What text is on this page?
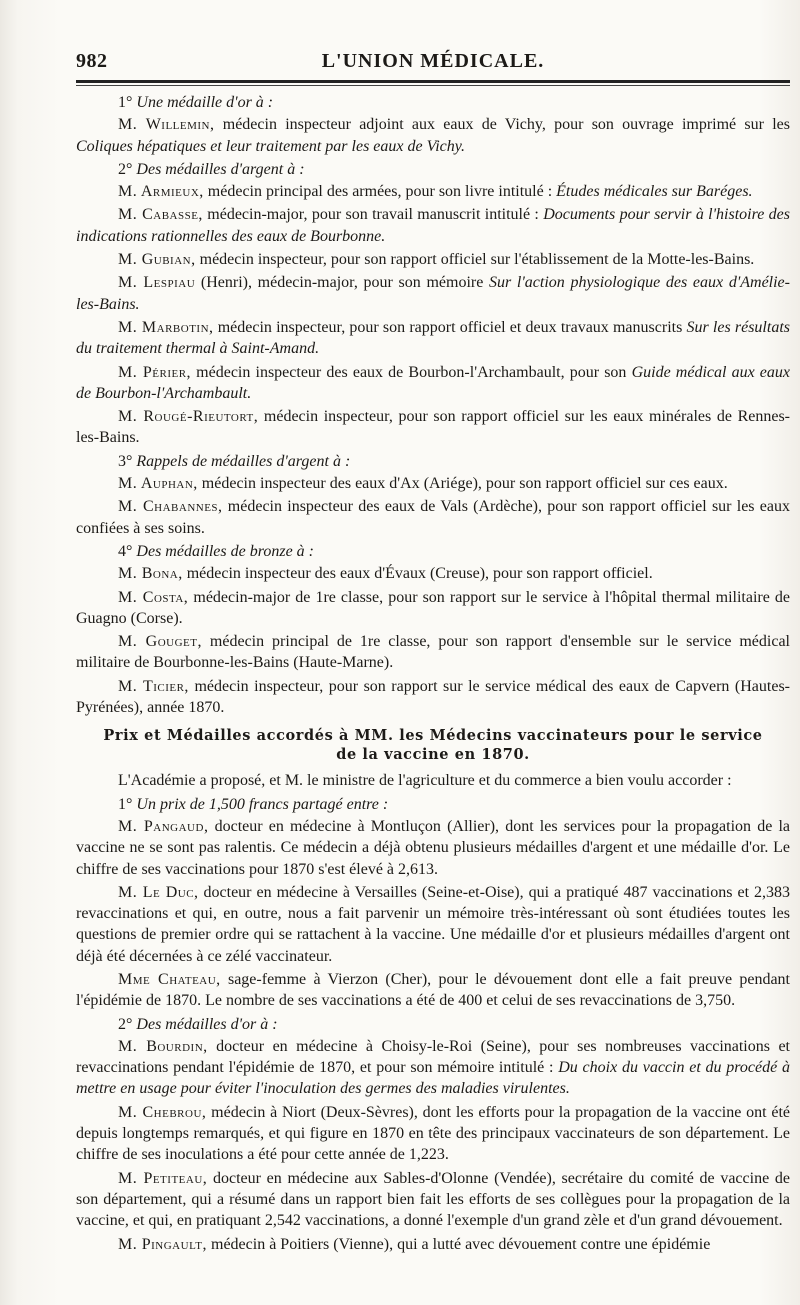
982	L'UNION MÉDICALE.

1° Une médaille d'or à :

M. Willemin, médecin inspecteur adjoint aux eaux de Vichy, pour son ouvrage imprimé sur les Coliques hépatiques et leur traitement par les eaux de Vichy.

2° Des médailles d'argent à :

M. Armieux, médecin principal des armées, pour son livre intitulé : Études médicales sur Baréges.

M. Cabasse, médecin-major, pour son travail manuscrit intitulé : Documents pour servir à l'histoire des indications rationnelles des eaux de Bourbonne.

M. Gubian, médecin inspecteur, pour son rapport officiel sur l'établissement de la Motte-les-Bains.

M. Lespiau (Henri), médecin-major, pour son mémoire Sur l'action physiologique des eaux d'Amélie-les-Bains.

M. Marbotin, médecin inspecteur, pour son rapport officiel et deux travaux manuscrits Sur les résultats du traitement thermal à Saint-Amand.

M. Périer, médecin inspecteur des eaux de Bourbon-l'Archambault, pour son Guide médical aux eaux de Bourbon-l'Archambault.

M. Rougé-Rieutort, médecin inspecteur, pour son rapport officiel sur les eaux minérales de Rennes-les-Bains.

3° Rappels de médailles d'argent à :

M. Auphan, médecin inspecteur des eaux d'Ax (Ariége), pour son rapport officiel sur ces eaux.

M. Chabannes, médecin inspecteur des eaux de Vals (Ardèche), pour son rapport officiel sur les eaux confiées à ses soins.

4° Des médailles de bronze à :

M. Bona, médecin inspecteur des eaux d'Évaux (Creuse), pour son rapport officiel.

M. Costa, médecin-major de 1re classe, pour son rapport sur le service à l'hôpital thermal militaire de Guagno (Corse).

M. Gouget, médecin principal de 1re classe, pour son rapport d'ensemble sur le service médical militaire de Bourbonne-les-Bains (Haute-Marne).

M. Ticier, médecin inspecteur, pour son rapport sur le service médical des eaux de Capvern (Hautes-Pyrénées), année 1870.

Prix et Médailles accordés à MM. les Médecins vaccinateurs pour le service
de la vaccine en 1870.

L'Académie a proposé, et M. le ministre de l'agriculture et du commerce a bien voulu accorder :

1° Un prix de 1,500 francs partagé entre :

M. Pangaud, docteur en médecine à Montluçon (Allier), dont les services pour la propagation de la vaccine ne se sont pas ralentis. Ce médecin a déjà obtenu plusieurs médailles d'argent et une médaille d'or. Le chiffre de ses vaccinations pour 1870 s'est élevé à 2,613.

M. Le Duc, docteur en médecine à Versailles (Seine-et-Oise), qui a pratiqué 487 vaccinations et 2,383 revaccinations et qui, en outre, nous a fait parvenir un mémoire très-intéressant où sont étudiées toutes les questions de premier ordre qui se rattachent à la vaccine. Une médaille d'or et plusieurs médailles d'argent ont déjà été décernées à ce zélé vaccinateur.

Mme Chateau, sage-femme à Vierzon (Cher), pour le dévouement dont elle a fait preuve pendant l'épidémie de 1870. Le nombre de ses vaccinations a été de 400 et celui de ses revaccinations de 3,750.

2° Des médailles d'or à :

M. Bourdin, docteur en médecine à Choisy-le-Roi (Seine), pour ses nombreuses vaccinations et revaccinations pendant l'épidémie de 1870, et pour son mémoire intitulé : Du choix du vaccin et du procédé à mettre en usage pour éviter l'inoculation des germes des maladies virulentes.

M. Chebrou, médecin à Niort (Deux-Sèvres), dont les efforts pour la propagation de la vaccine ont été depuis longtemps remarqués, et qui figure en 1870 en tête des principaux vaccinateurs de son département. Le chiffre de ses inoculations a été pour cette année de 1,223.

M. Petiteau, docteur en médecine aux Sables-d'Olonne (Vendée), secrétaire du comité de vaccine de son département, qui a résumé dans un rapport bien fait les efforts de ses collègues pour la propagation de la vaccine, et qui, en pratiquant 2,542 vaccinations, a donné l'exemple d'un grand zèle et d'un grand dévouement.

M. Pingault, médecin à Poitiers (Vienne), qui a lutté avec dévouement contre une épidémie
